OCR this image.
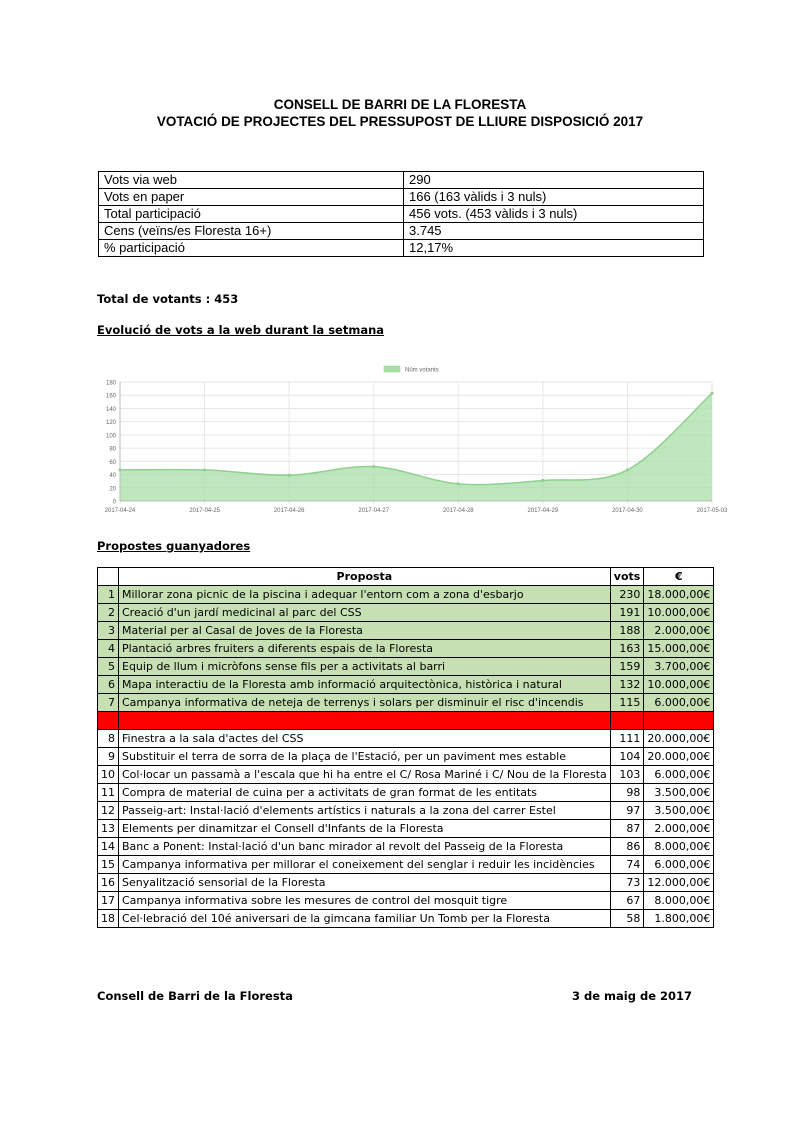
CONSELL DE BARRI DE LA FLORESTA
VOTACIÓ DE PROJECTES DEL PRESSUPOST DE LLIURE DISPOSICIÓ 2017
Vots via web	290
Vots en paper	166 (163 vàlids i 3 nuls)
Total participació	456 vots. (453 vàlids i 3 nuls)
Cens (veïns/es Floresta 16+)	3.745
% participació	12,17%
Total de votants : 453
Evolució de vots a la web durant la setmana
0
20
40
60
80
100
120
140
160
180
2017-04-24	2017-04-25	2017-04-26	2017-04-27	2017-04-28	2017-04-29	2017-04-30	2017-05-03
Núm votants
Propostes guanyadores
	Proposta	vots	€
1	Millorar zona picnic de la piscina i adequar l'entorn com a zona d'esbarjo	230	18.000,00€
2	Creació d'un jardí medicinal al parc del CSS	191	10.000,00€
3	Material per al Casal de Joves de la Floresta	188	2.000,00€
4	Plantació arbres fruiters a diferents espais de la Floresta	163	15.000,00€
5	Equip de llum i micròfons sense fils per a activitats al barri	159	3.700,00€
6	Mapa interactiu de la Floresta amb informació arquitectònica, històrica i natural	132	10.000,00€
7	Campanya informativa de neteja de terrenys i solars per disminuir el risc d'incendis	115	6.000,00€

8	Finestra a la sala d'actes del CSS	111	20.000,00€
9	Substituir el terra de sorra de la plaça de l'Estació, per un paviment mes estable	104	20.000,00€
10	Col·locar un passamà a l'escala que hi ha entre el C/ Rosa Mariné i C/ Nou de la Floresta	103	6.000,00€
11	Compra de material de cuina per a activitats de gran format de les entitats	98	3.500,00€
12	Passeig-art: Instal·lació d'elements artístics i naturals a la zona del carrer Estel	97	3.500,00€
13	Elements per dinamitzar el Consell d'Infants de la Floresta	87	2.000,00€
14	Banc a Ponent: Instal·lació d'un banc mirador al revolt del Passeig de la Floresta	86	8.000,00€
15	Campanya informativa per millorar el coneixement del senglar i reduir les incidències	74	6.000,00€
16	Senyalització sensorial de la Floresta	73	12.000,00€
17	Campanya informativa sobre les mesures de control del mosquit tigre	67	8.000,00€
18	Cel·lebració del 10é aniversari de la gimcana familiar Un Tomb per la Floresta	58	1.800,00€
Consell de Barri de la Floresta	3 de maig de 2017
